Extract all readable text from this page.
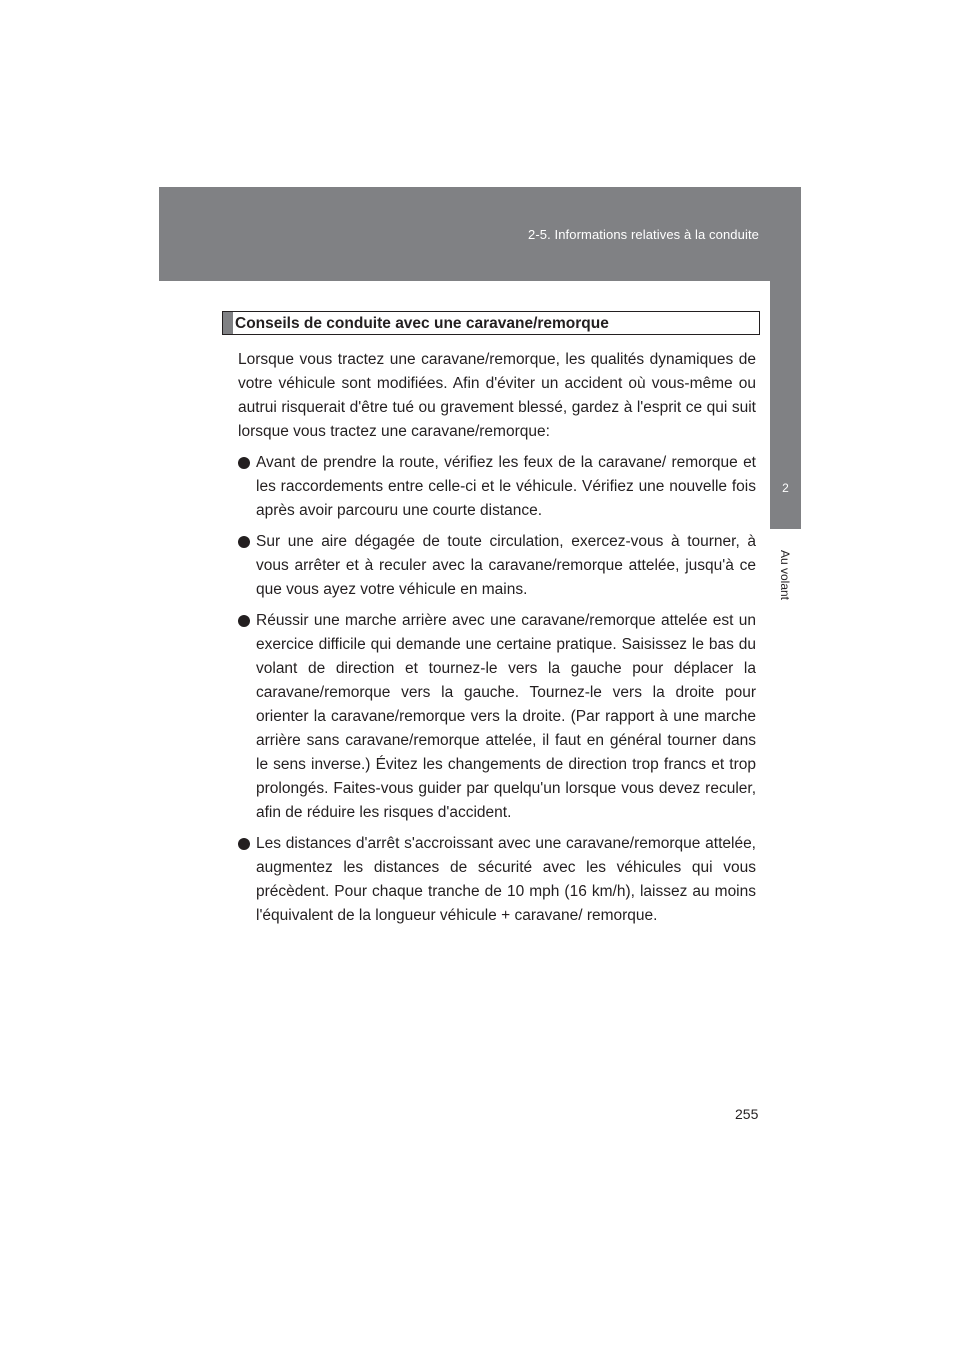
2-5. Informations relatives à la conduite
2
Au volant
Conseils de conduite avec une caravane/remorque

Lorsque vous tractez une caravane/remorque, les qualités dynamiques de votre véhicule sont modifiées. Afin d'éviter un accident où vous-même ou autrui risquerait d'être tué ou gravement blessé, gardez à l'esprit ce qui suit lorsque vous tractez une caravane/remorque:

Avant de prendre la route, vérifiez les feux de la caravane/ remorque et les raccordements entre celle-ci et le véhicule. Vérifiez une nouvelle fois après avoir parcouru une courte distance.
Sur une aire dégagée de toute circulation, exercez-vous à tourner, à vous arrêter et à reculer avec la caravane/remorque attelée, jusqu'à ce que vous ayez votre véhicule en mains.
Réussir une marche arrière avec une caravane/remorque attelée est un exercice difficile qui demande une certaine pratique. Saisissez le bas du volant de direction et tournez-le vers la gauche pour déplacer la caravane/remorque vers la gauche. Tournez-le vers la droite pour orienter la caravane/remorque vers la droite. (Par rapport à une marche arrière sans caravane/remorque attelée, il faut en général tourner dans le sens inverse.) Évitez les changements de direction trop francs et trop prolongés. Faites-vous guider par quelqu'un lorsque vous devez reculer, afin de réduire les risques d'accident.
Les distances d'arrêt s'accroissant avec une caravane/remorque attelée, augmentez les distances de sécurité avec les véhicules qui vous précèdent. Pour chaque tranche de 10 mph (16 km/h), laissez au moins l'équivalent de la longueur véhicule + caravane/ remorque.
255
